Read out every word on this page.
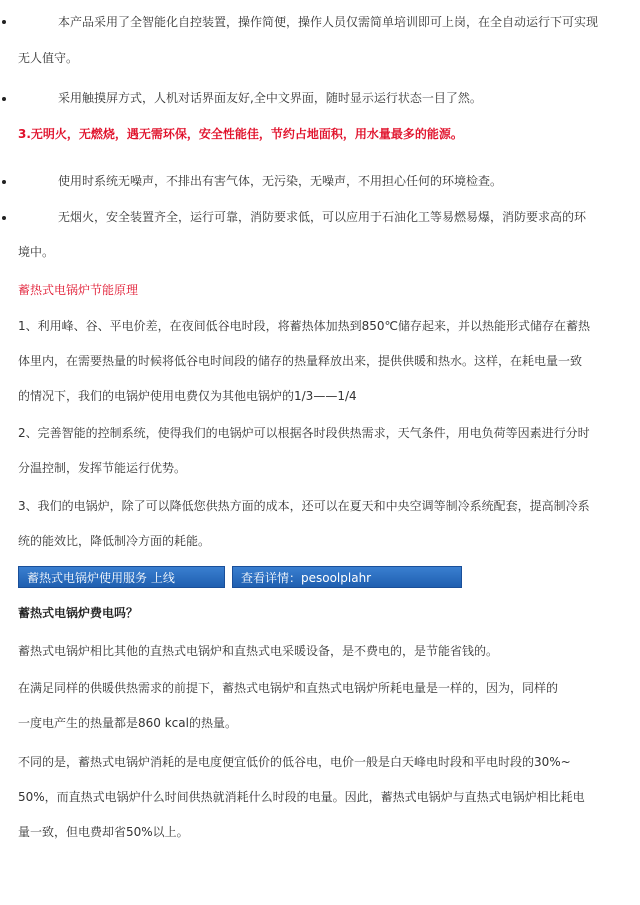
本产品采用了全智能化自控装置，操作简便，操作人员仅需简单培训即可上岗，在全自动运行下可实现
无人值守。
采用触摸屏方式，人机对话界面友好,全中文界面，随时显示运行状态一目了然。
3.无明火，无燃烧，遇无需环保，安全性能佳，节约占地面积，用水量最多的能源。
使用时系统无噪声，不排出有害气体，无污染，无噪声，不用担心任何的环境检查。
无烟火，安全装置齐全，运行可靠，消防要求低，可以应用于石油化工等易燃易爆，消防要求高的环
境中。
蓄热式电锅炉节能原理
1、利用峰、谷、平电价差，在夜间低谷电时段，将蓄热体加热到850℃储存起来，并以热能形式储存在蓄热
体里内，在需要热量的时候将低谷电时间段的储存的热量释放出来，提供供暖和热水。这样，在耗电量一致
的情况下，我们的电锅炉使用电费仅为其他电锅炉的1/3——1/4
2、完善智能的控制系统，使得我们的电锅炉可以根据各时段供热需求，天气条件，用电负荷等因素进行分时
分温控制，发挥节能运行优势。
3、我们的电锅炉，除了可以降低您供热方面的成本，还可以在夏天和中央空调等制冷系统配套，提高制冷系
统的能效比，降低制冷方面的耗能。
蓄热式电锅炉使用服务 上线	查看详情：pesoolplahr
蓄热式电锅炉费电吗？
蓄热式电锅炉相比其他的直热式电锅炉和直热式电采暖设备，是不费电的，是节能省钱的。
在满足同样的供暖供热需求的前提下，蓄热式电锅炉和直热式电锅炉所耗电量是一样的，因为，同样的
一度电产生的热量都是860 kcal的热量。
不同的是，蓄热式电锅炉消耗的是电度便宜低价的低谷电，电价一般是白天峰电时段和平电时段的30%~
50%，而直热式电锅炉什么时间供热就消耗什么时段的电量。因此，蓄热式电锅炉与直热式电锅炉相比耗电
量一致，但电费却省50%以上。
